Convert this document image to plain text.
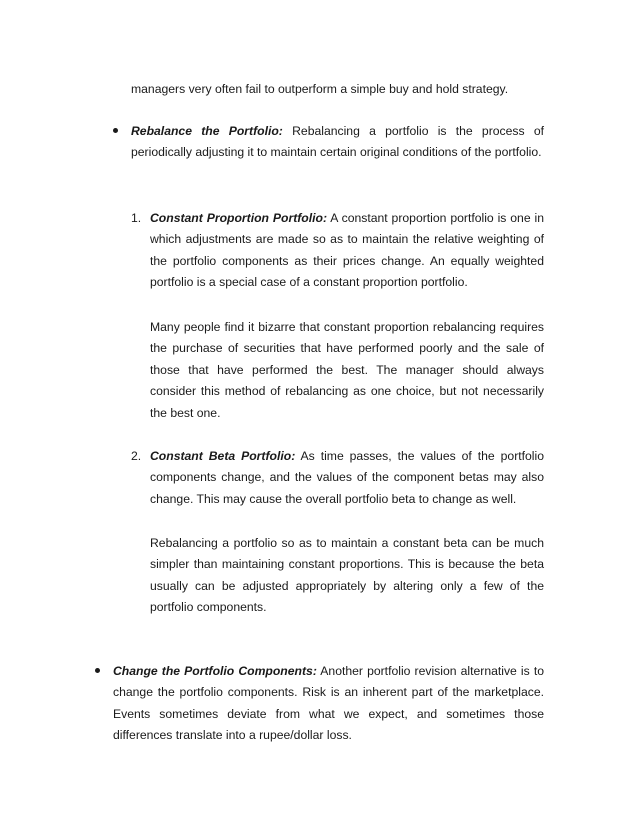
managers very often fail to outperform a simple buy and hold strategy.

Rebalance the Portfolio: Rebalancing a portfolio is the process of periodically adjusting it to maintain certain original conditions of the portfolio.

1. Constant Proportion Portfolio: A constant proportion portfolio is one in which adjustments are made so as to maintain the relative weighting of the portfolio components as their prices change. An equally weighted portfolio is a special case of a constant proportion portfolio.

Many people find it bizarre that constant proportion rebalancing requires the purchase of securities that have performed poorly and the sale of those that have performed the best. The manager should always consider this method of rebalancing as one choice, but not necessarily the best one.

2. Constant Beta Portfolio: As time passes, the values of the portfolio components change, and the values of the component betas may also change. This may cause the overall portfolio beta to change as well.

Rebalancing a portfolio so as to maintain a constant beta can be much simpler than maintaining constant proportions. This is because the beta usually can be adjusted appropriately by altering only a few of the portfolio components.

Change the Portfolio Components: Another portfolio revision alternative is to change the portfolio components. Risk is an inherent part of the marketplace. Events sometimes deviate from what we expect, and sometimes those differences translate into a rupee/dollar loss.
